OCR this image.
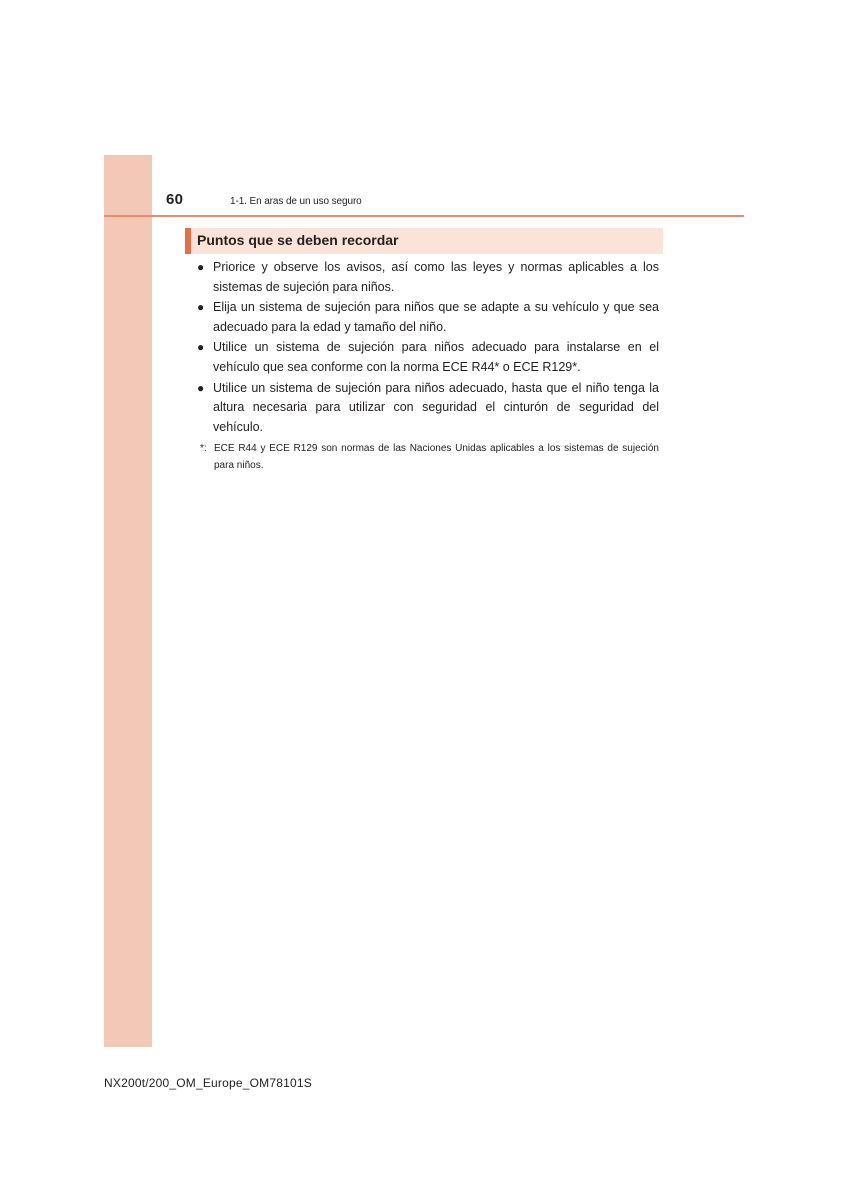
60	1-1. En aras de un uso seguro
Puntos que se deben recordar
● Priorice y observe los avisos, así como las leyes y normas aplicables a los sistemas de sujeción para niños.
● Elija un sistema de sujeción para niños que se adapte a su vehículo y que sea adecuado para la edad y tamaño del niño.
● Utilice un sistema de sujeción para niños adecuado para instalarse en el vehículo que sea conforme con la norma ECE R44* o ECE R129*.
● Utilice un sistema de sujeción para niños adecuado, hasta que el niño tenga la altura necesaria para utilizar con seguridad el cinturón de seguridad del vehículo.
*: ECE R44 y ECE R129 son normas de las Naciones Unidas aplicables a los sistemas de sujeción para niños.
NX200t/200_OM_Europe_OM78101S
